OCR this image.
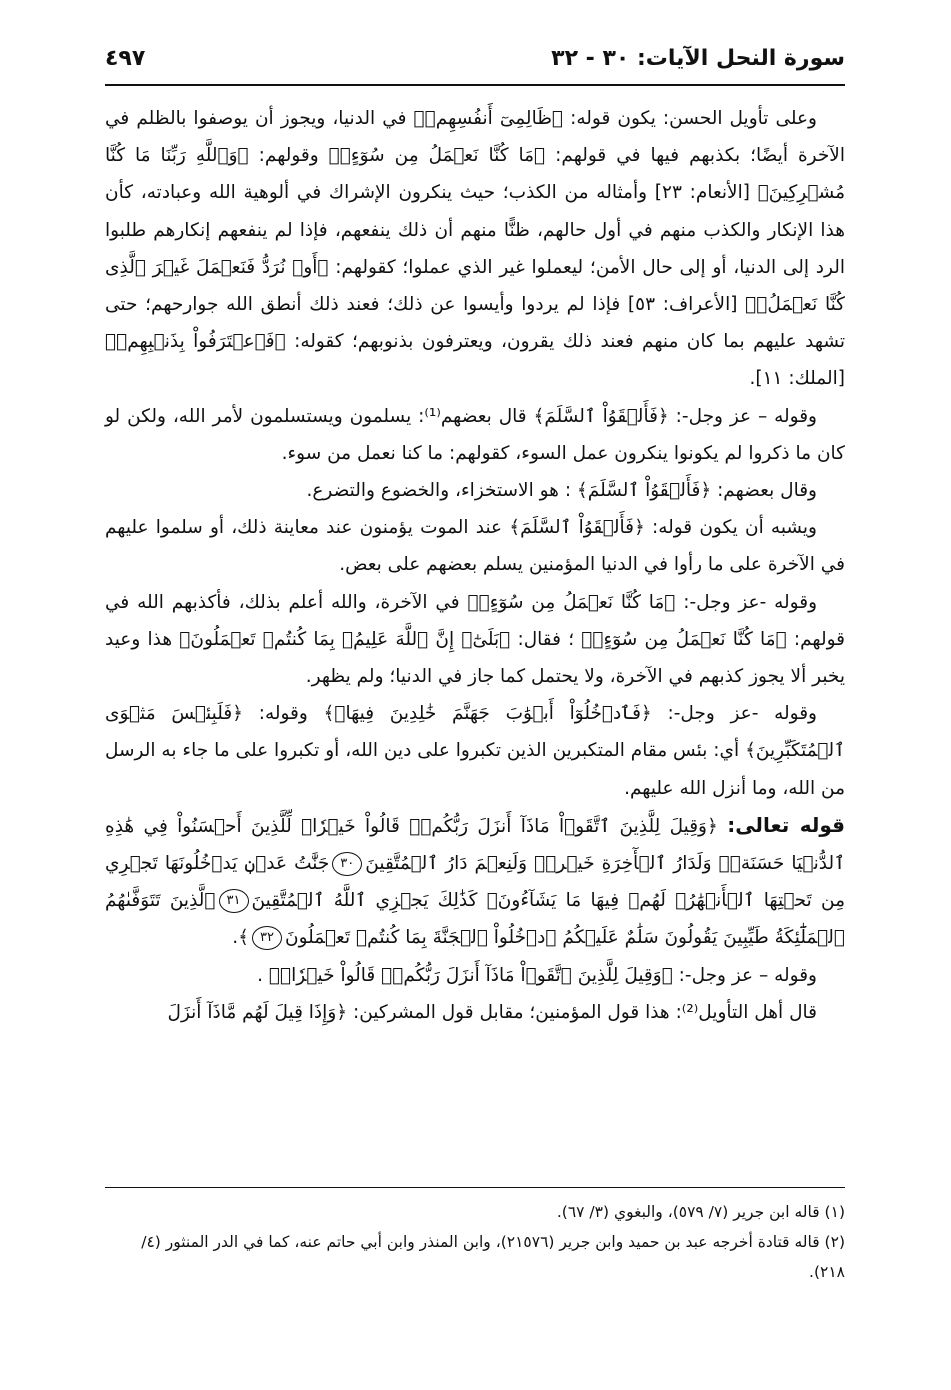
سورة النحل الآيات: ٣٠ - ٣٢
٤٩٧

وعلى تأويل الحسن: يكون قوله: ﴿ظَالِمِىٓ أَنفُسِهِمۡ﴾ في الدنيا، ويجوز أن يوصفوا بالظلم في الآخرة أيضًا؛ بكذبهم فيها في قولهم: ﴿مَا كُنَّا نَعۡمَلُ مِن سُوٓءٍۢ﴾ وقولهم: ﴿وَٱللَّهِ رَبِّنَا مَا كُنَّا مُشۡرِكِينَ﴾ [الأنعام: ٢٣] وأمثاله من الكذب؛ حيث ينكرون الإشراك في ألوهية الله وعبادته، كأن هذا الإنكار والكذب منهم في أول حالهم، ظنًّا منهم أن ذلك ينفعهم، فإذا لم ينفعهم إنكارهم طلبوا الرد إلى الدنيا، أو إلى حال الأمن؛ ليعملوا غير الذي عملوا؛ كقولهم: ﴿أَوۡ نُرَدُّ فَنَعۡمَلَ غَيۡرَ ٱلَّذِى كُنَّا نَعۡمَلُۚ﴾ [الأعراف: ٥٣] فإذا لم يردوا وأيسوا عن ذلك؛ فعند ذلك أنطق الله جوارحهم؛ حتى تشهد عليهم بما كان منهم فعند ذلك يقرون، ويعترفون بذنوبهم؛ كقوله: ﴿فَٱعۡتَرَفُواْ بِذَنۢبِهِمۡ﴾ [الملك: ١١].

وقوله – عز وجل-: ﴿فَأَلۡقَوُاْ ٱلسَّلَمَ﴾ قال بعضهم⁽¹⁾: يسلمون ويستسلمون لأمر الله، ولكن لو كان ما ذكروا لم يكونوا ينكرون عمل السوء، كقولهم: ما كنا نعمل من سوء.

وقال بعضهم: ﴿فَأَلۡقَوُاْ ٱلسَّلَمَ﴾ : هو الاستخزاء، والخضوع والتضرع.

ويشبه أن يكون قوله: ﴿فَأَلۡقَوُاْ ٱلسَّلَمَ﴾ عند الموت يؤمنون عند معاينة ذلك، أو سلموا عليهم في الآخرة على ما رأوا في الدنيا المؤمنين يسلم بعضهم على بعض.

وقوله -عز وجل-: ﴿مَا كُنَّا نَعۡمَلُ مِن سُوٓءٍۢ﴾ في الآخرة، والله أعلم بذلك، فأكذبهم الله في قولهم: ﴿مَا كُنَّا نَعۡمَلُ مِن سُوٓءٍۢ﴾ ؛ فقال: ﴿بَلَىٰٓۚ إِنَّ ٱللَّهَ عَلِيمُۢ بِمَا كُنتُمۡ تَعۡمَلُونَ﴾ هذا وعيد يخبر ألا يجوز كذبهم في الآخرة، ولا يحتمل كما جاز في الدنيا؛ ولم يظهر.

وقوله -عز وجل-: ﴿فَٱدۡخُلُوٓاْ أَبۡوَٰبَ جَهَنَّمَ خَٰلِدِينَ فِيهَاۖ﴾ وقوله: ﴿فَلَبِئۡسَ مَثۡوَى ٱلۡمُتَكَبِّرِينَ﴾ أي: بئس مقام المتكبرين الذين تكبروا على دين الله، أو تكبروا على ما جاء به الرسل من الله، وما أنزل الله عليهم.

قوله تعالى: ﴿وَقِيلَ لِلَّذِينَ ٱتَّقَوۡاْ مَاذَآ أَنزَلَ رَبُّكُمۡۚ قَالُواْ خَيۡرٗاۗ لِّلَّذِينَ أَحۡسَنُواْ فِي هَٰذِهِ ٱلدُّنۡيَا حَسَنَةٞۚ وَلَدَارُ ٱلۡأٓخِرَةِ خَيۡرٞۚ وَلَنِعۡمَ دَارُ ٱلۡمُتَّقِينَ٣٠جَنَّٰتُ عَدۡنٖ يَدۡخُلُونَهَا تَجۡرِي مِن تَحۡتِهَا ٱلۡأَنۡهَٰرُۖ لَهُمۡ فِيهَا مَا يَشَآءُونَۚ كَذَٰلِكَ يَجۡزِي ٱللَّهُ ٱلۡمُتَّقِينَ٣١ٱلَّذِينَ تَتَوَفَّىٰهُمُ ٱلۡمَلَٰٓئِكَةُ طَيِّبِينَ يَقُولُونَ سَلَٰمٌ عَلَيۡكُمُ ٱدۡخُلُواْ ٱلۡجَنَّةَ بِمَا كُنتُمۡ تَعۡمَلُونَ٣٢﴾.

وقوله – عز وجل-: ﴿وَقِيلَ لِلَّذِينَ ٱتَّقَوۡاْ مَاذَآ أَنزَلَ رَبُّكُمۡۚ قَالُواْ خَيۡرٗاۗ﴾ .

قال أهل التأويل⁽²⁾: هذا قول المؤمنين؛ مقابل قول المشركين: ﴿وَإِذَا قِيلَ لَهُم مَّاذَآ أَنزَلَ

(١) قاله ابن جرير (٧/ ٥٧٩)، والبغوي (٣/ ٦٧).

(٢) قاله قتادة أخرجه عبد بن حميد وابن جرير (٢١٥٧٦)، وابن المنذر وابن أبي حاتم عنه، كما في الدر المنثور (٤/ ٢١٨).
